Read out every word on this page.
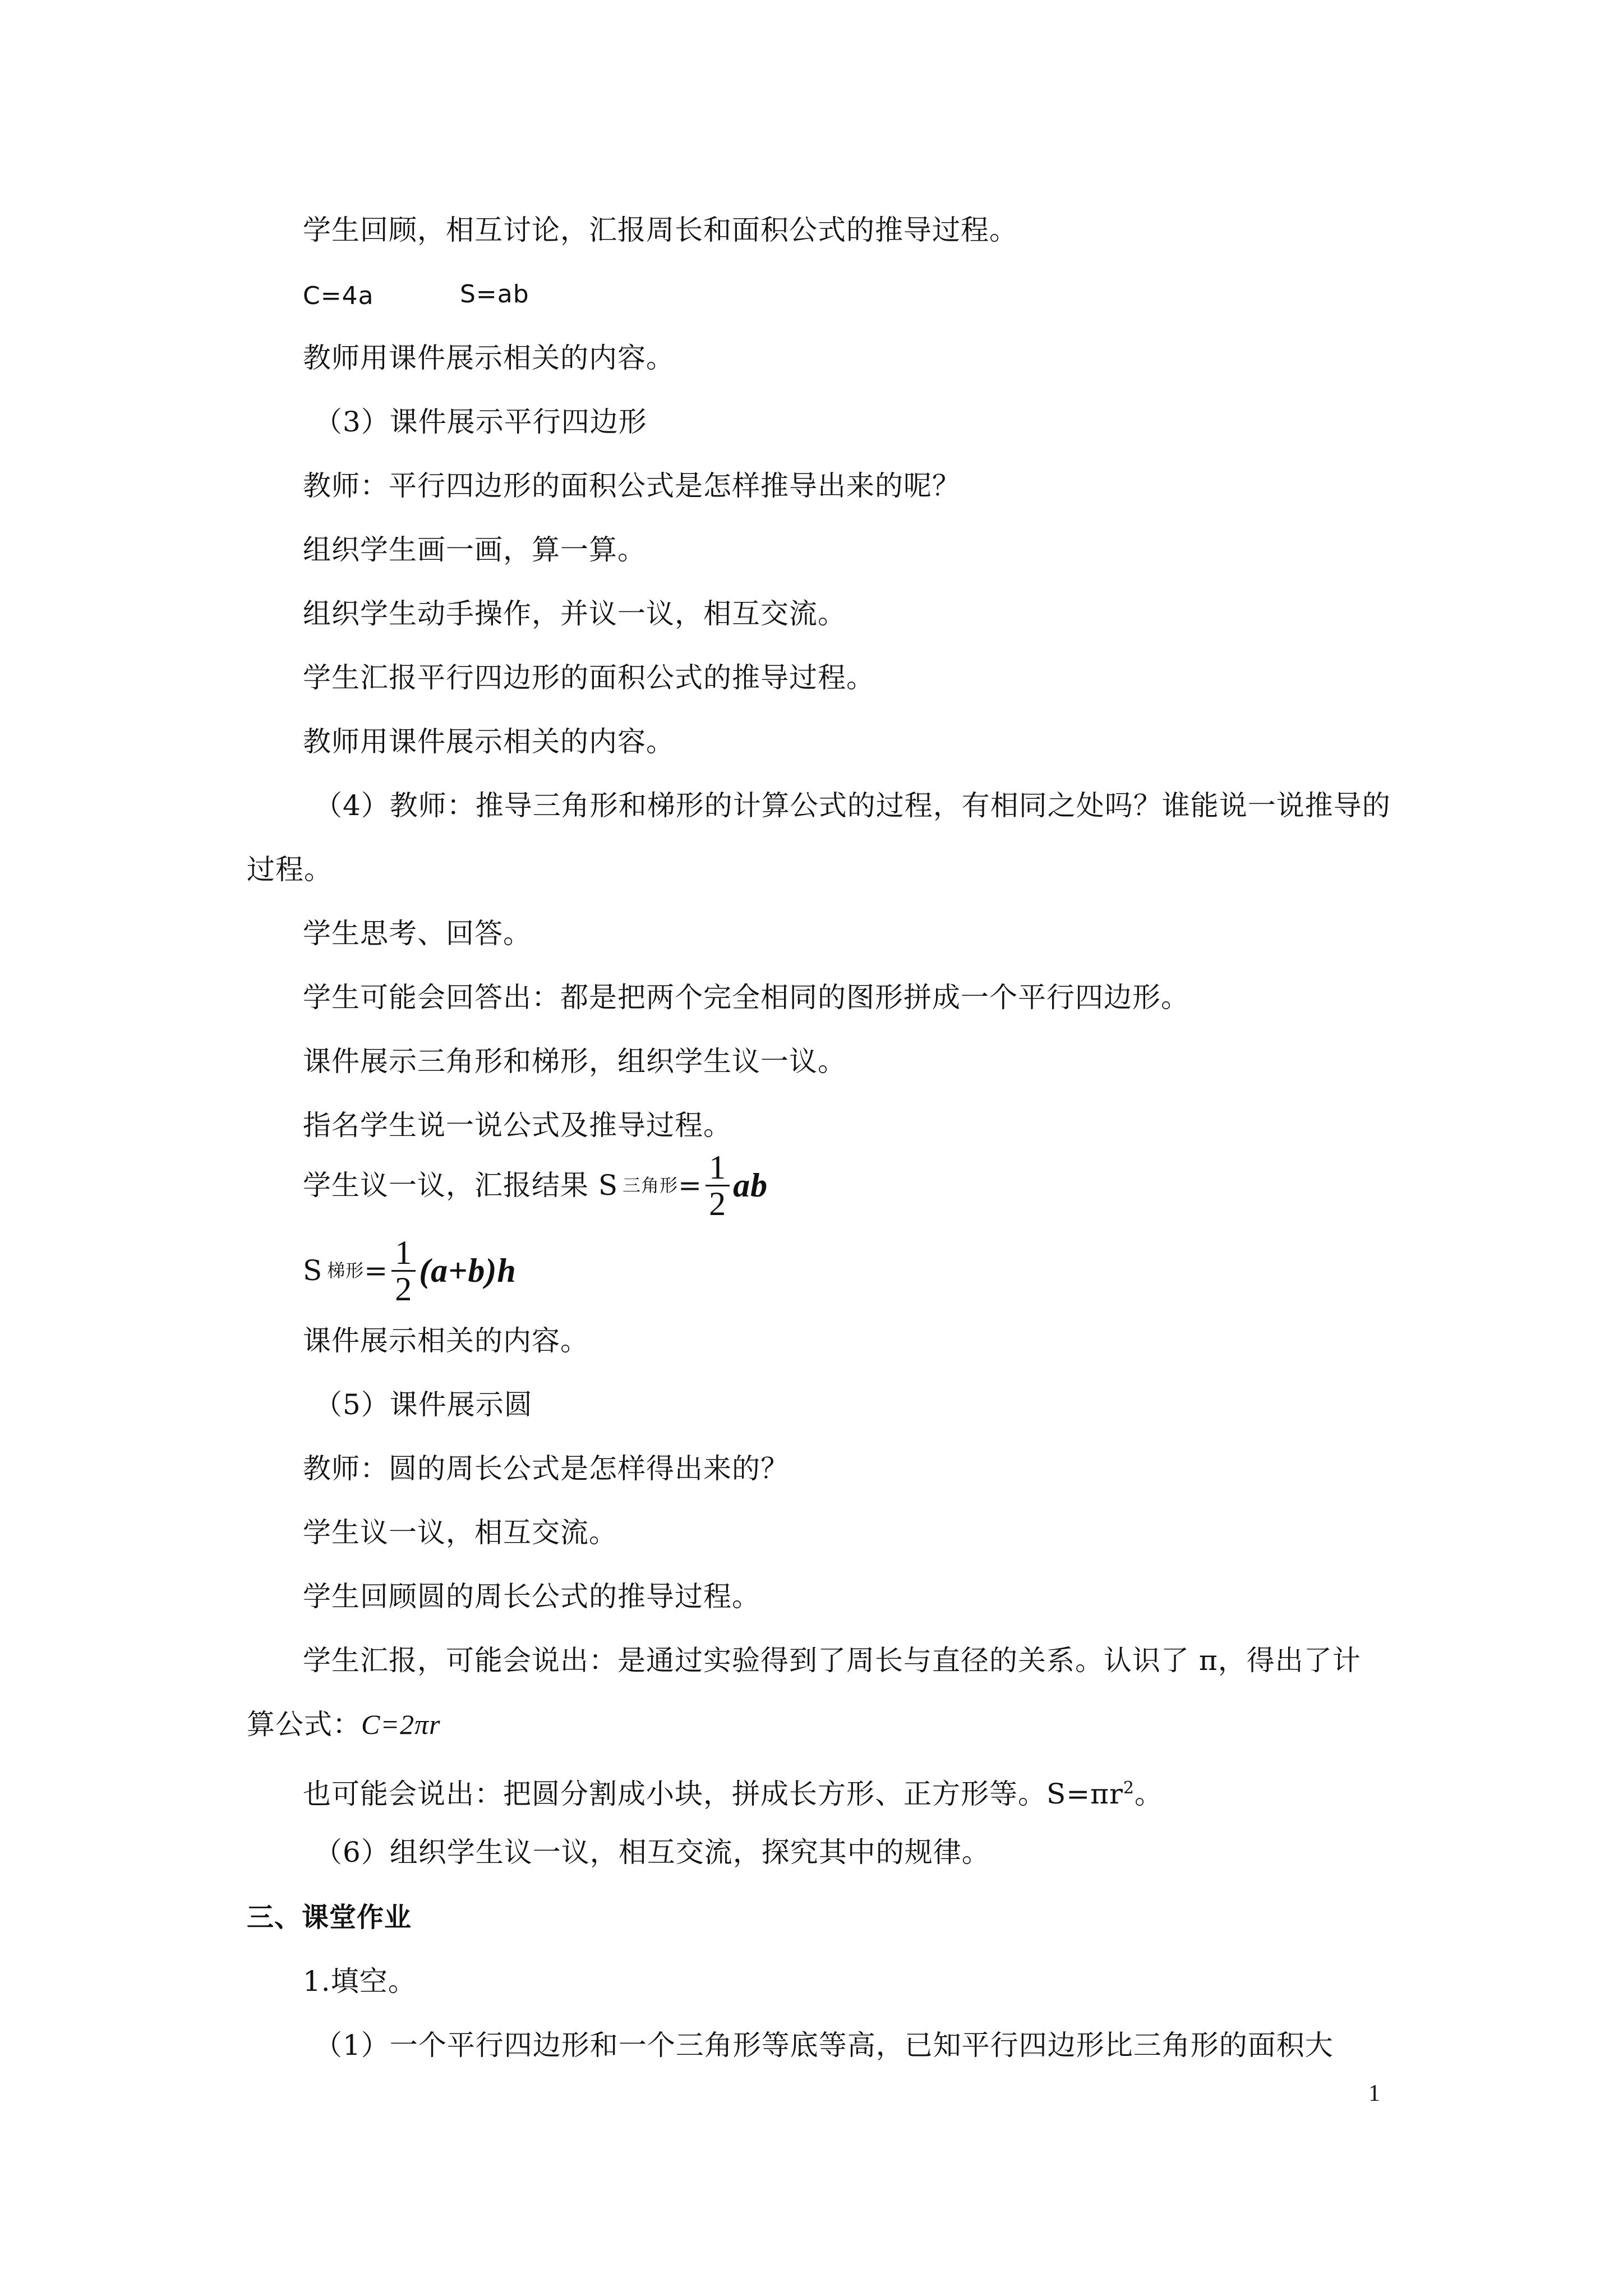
学生回顾，相互讨论，汇报周长和面积公式的推导过程。
C=4a	S=ab
教师用课件展示相关的内容。
（3）课件展示平行四边形
教师：平行四边形的面积公式是怎样推导出来的呢？
组织学生画一画，算一算。
组织学生动手操作，并议一议，相互交流。
学生汇报平行四边形的面积公式的推导过程。
教师用课件展示相关的内容。
（4）教师：推导三角形和梯形的计算公式的过程，有相同之处吗？谁能说一说推导的
过程。
学生思考、回答。
学生可能会回答出：都是把两个完全相同的图形拼成一个平行四边形。
课件展示三角形和梯形，组织学生议一议。
指名学生说一说公式及推导过程。
学生议一议，汇报结果 S 三角形 = $\frac{1}{2}$ ab
S 梯形 = $\frac{1}{2} (a+b)h$
课件展示相关的内容。
（5）课件展示圆
教师：圆的周长公式是怎样得出来的？
学生议一议，相互交流。
学生回顾圆的周长公式的推导过程。
学生汇报，可能会说出：是通过实验得到了周长与直径的关系。认识了 π，得出了计
算公式：C=2πr
也可能会说出：把圆分割成小块，拼成长方形、正方形等。$S=\pi r^2$。
（6）组织学生议一议，相互交流，探究其中的规律。
三、课堂作业
1.填空。
（1）一个平行四边形和一个三角形等底等高，已知平行四边形比三角形的面积大
1
